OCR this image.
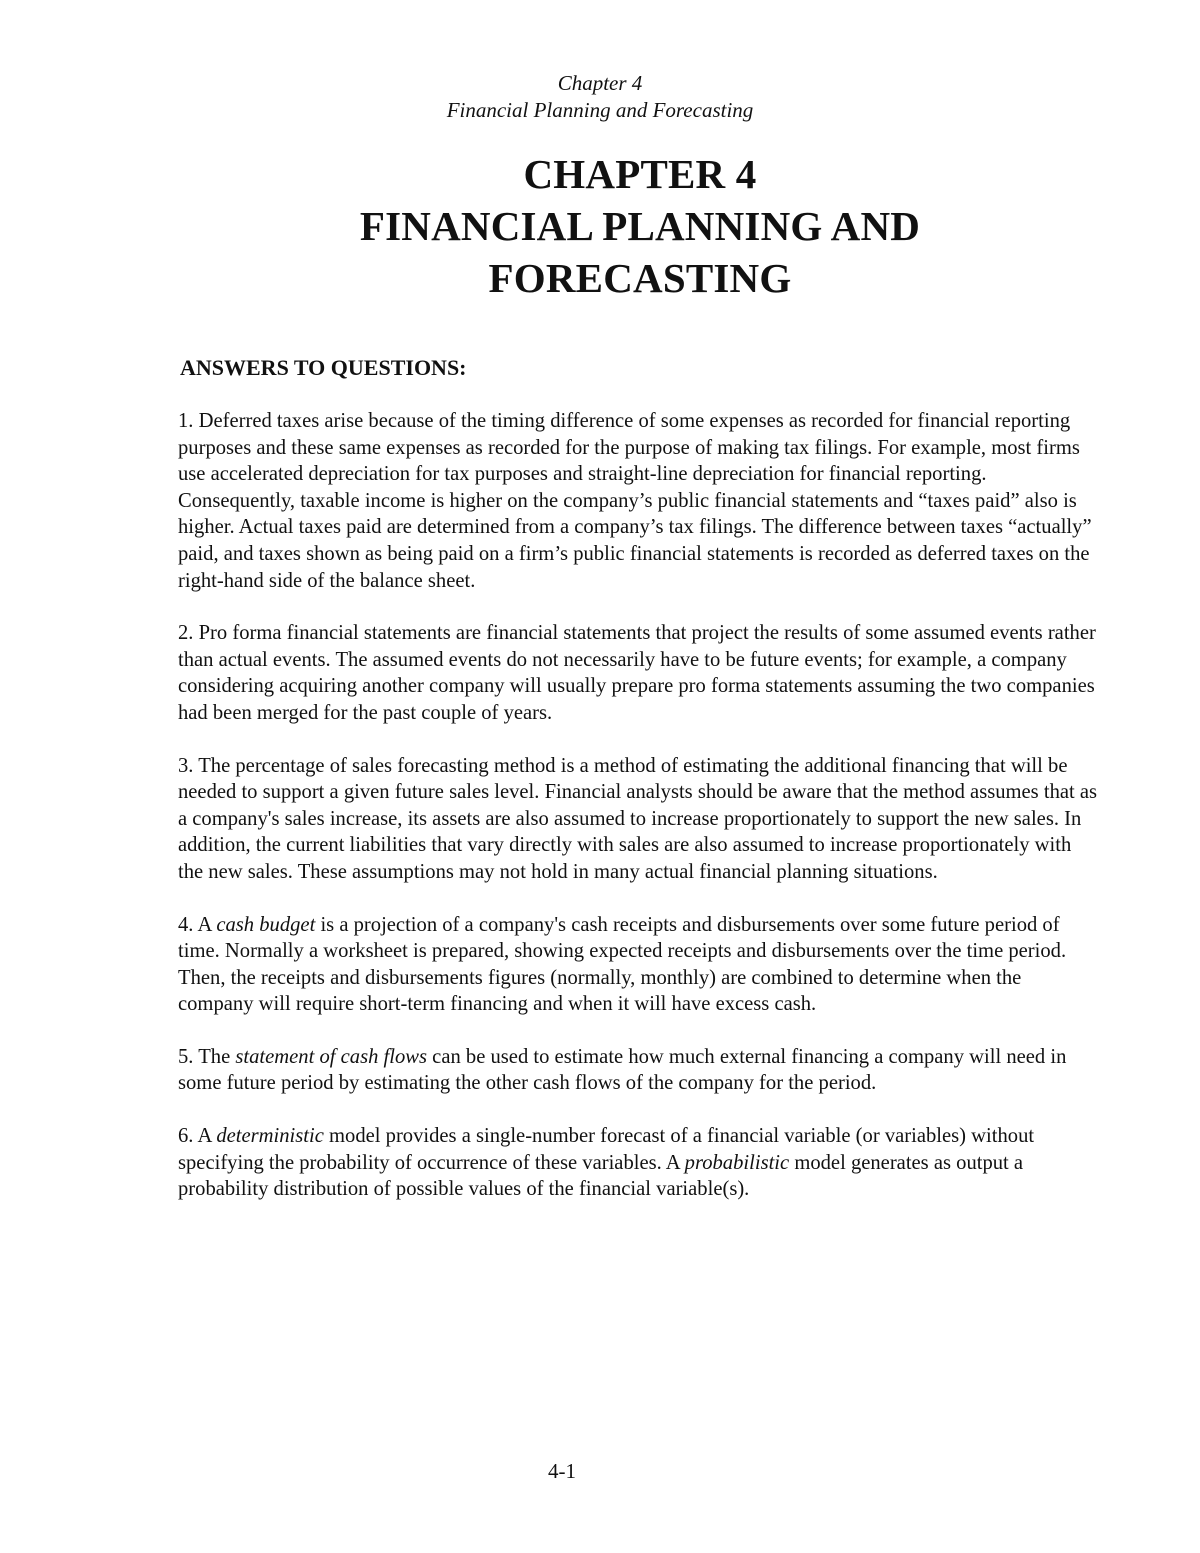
Chapter 4
Financial Planning and Forecasting
CHAPTER 4
FINANCIAL PLANNING AND
FORECASTING
ANSWERS TO QUESTIONS:

1. Deferred taxes arise because of the timing difference of some expenses as recorded for financial reporting purposes and these same expenses as recorded for the purpose of making tax filings. For example, most firms use accelerated depreciation for tax purposes and straight-line depreciation for financial reporting. Consequently, taxable income is higher on the company’s public financial statements and “taxes paid” also is higher. Actual taxes paid are determined from a company’s tax filings. The difference between taxes “actually” paid, and taxes shown as being paid on a firm’s public financial statements is recorded as deferred taxes on the right-hand side of the balance sheet.

2. Pro forma financial statements are financial statements that project the results of some assumed events rather than actual events. The assumed events do not necessarily have to be future events; for example, a company considering acquiring another company will usually prepare pro forma statements assuming the two companies had been merged for the past couple of years.

3. The percentage of sales forecasting method is a method of estimating the additional financing that will be needed to support a given future sales level. Financial analysts should be aware that the method assumes that as a company's sales increase, its assets are also assumed to increase proportionately to support the new sales. In addition, the current liabilities that vary directly with sales are also assumed to increase proportionately with the new sales. These assumptions may not hold in many actual financial planning situations.

4. A cash budget is a projection of a company's cash receipts and disbursements over some future period of time. Normally a worksheet is prepared, showing expected receipts and disbursements over the time period. Then, the receipts and disbursements figures (normally, monthly) are combined to determine when the company will require short-term financing and when it will have excess cash.

5. The statement of cash flows can be used to estimate how much external financing a company will need in some future period by estimating the other cash flows of the company for the period.

6. A deterministic model provides a single-number forecast of a financial variable (or variables) without specifying the probability of occurrence of these variables. A probabilistic model generates as output a probability distribution of possible values of the financial variable(s).

4-1
